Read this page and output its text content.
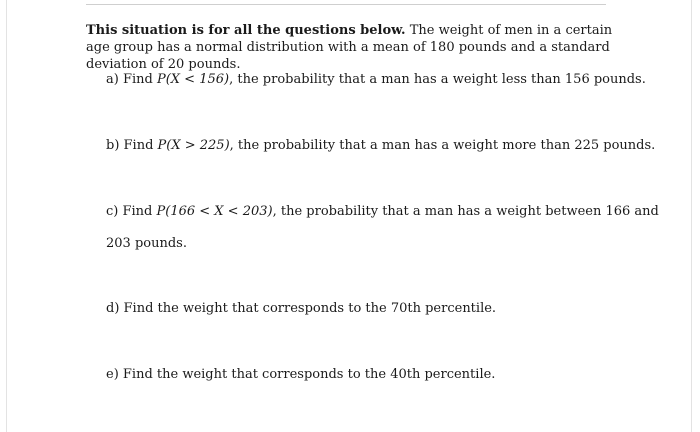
This situation is for all the questions below. The weight of men in a certain age group has a normal distribution with a mean of 180 pounds and a standard deviation of 20 pounds.
a) Find P(X < 156), the probability that a man has a weight less than 156 pounds.
b) Find P(X > 225), the probability that a man has a weight more than 225 pounds.
c) Find P(166 < X < 203), the probability that a man has a weight between 166 and
203 pounds.
d) Find the weight that corresponds to the 70th percentile.
e) Find the weight that corresponds to the 40th percentile.
